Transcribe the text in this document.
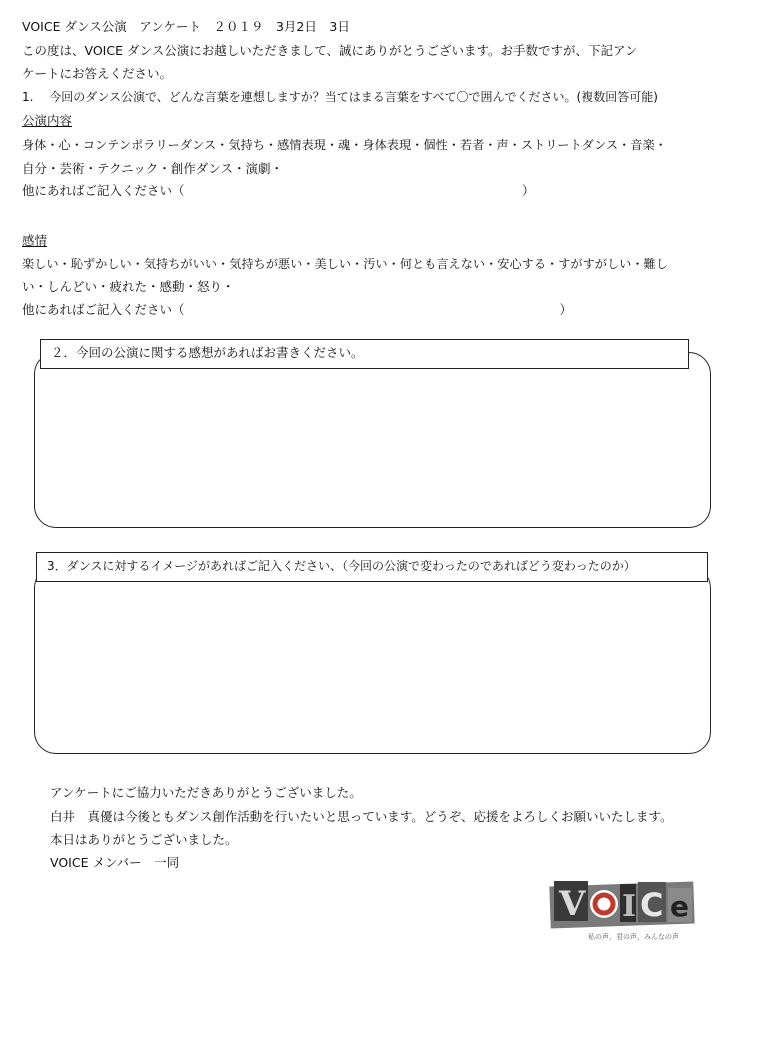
VOICE ダンス公演　アンケート　２０１９　3月2日　3日
この度は、VOICE ダンス公演にお越しいただきまして、誠にありがとうございます。お手数ですが、下記アン
ケートにお答えください。
1.　 今回のダンス公演で、どんな言葉を連想しますか？当てはまる言葉をすべて〇で囲んでください。(複数回答可能)
公演内容
身体・心・コンテンポラリーダンス・気持ち・感情表現・魂・身体表現・個性・若者・声・ストリートダンス・音楽・
自分・芸術・テクニック・創作ダンス・演劇・
他にあればご記入ください（　　　　　　　　　　　　　　　　　　　　　　　　　　　）
感情
楽しい・恥ずかしい・気持ちがいい・気持ちが悪い・美しい・汚い・何とも言えない・安心する・すがすがしい・難し
い・しんどい・疲れた・感動・怒り・
他にあればご記入ください（　　　　　　　　　　　　　　　　　　　　　　　　　　　　　　）
２．今回の公演に関する感想があればお書きください。
3．ダンスに対するイメージがあればご記入ください、（今回の公演で変わったのであればどう変わったのか）
アンケートにご協力いただきありがとうございました。
白井　真優は今後ともダンス創作活動を行いたいと思っています。どうぞ、応援をよろしくお願いいたします。
本日はありがとうございました。
VOICE メンバー　一同
V I C e
私の声、君の声、みんなの声
